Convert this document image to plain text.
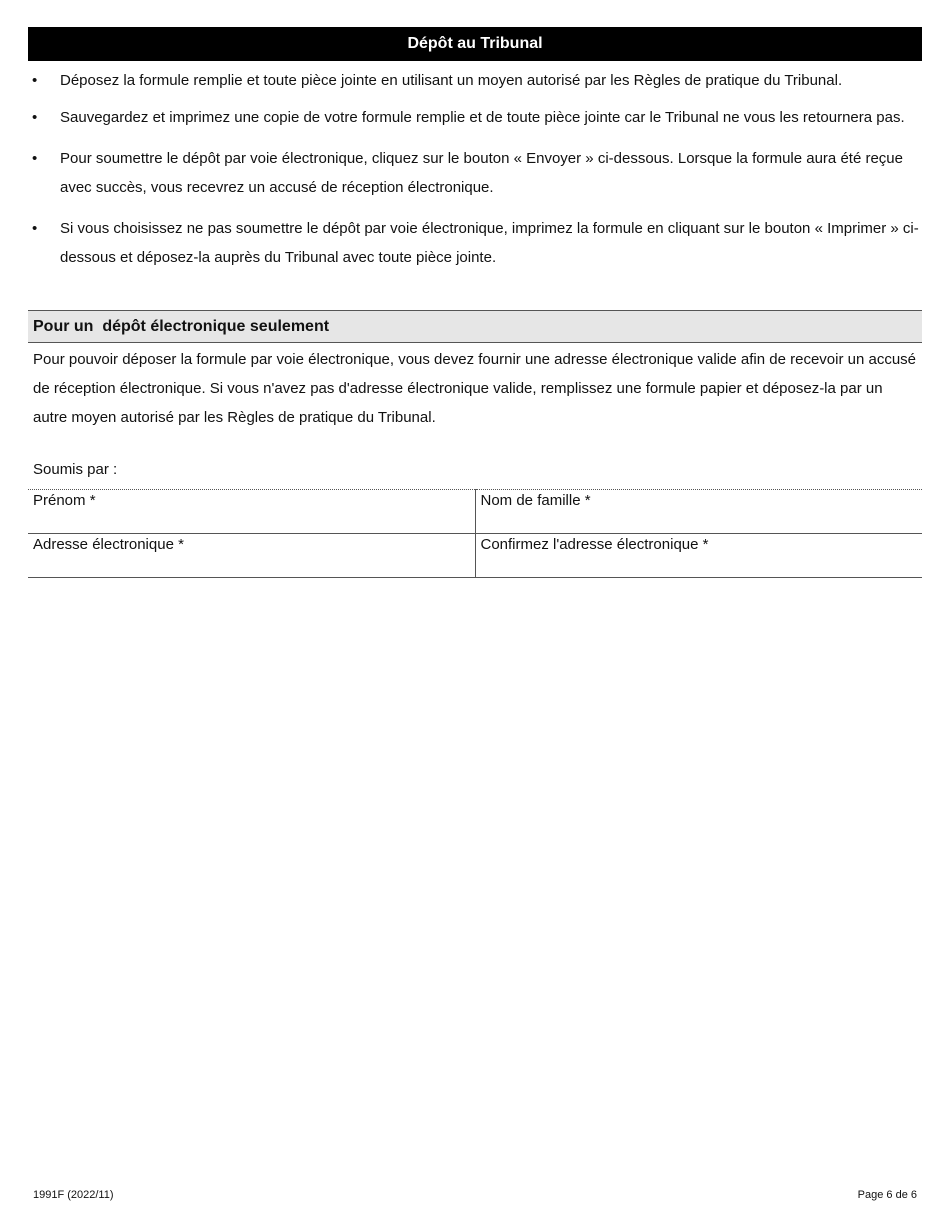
Dépôt au Tribunal
• Déposez la formule remplie et toute pièce jointe en utilisant un moyen autorisé par les Règles de pratique du Tribunal.
• Sauvegardez et imprimez une copie de votre formule remplie et de toute pièce jointe car le Tribunal ne vous les retournera pas.
• Pour soumettre le dépôt par voie électronique, cliquez sur le bouton « Envoyer » ci-dessous. Lorsque la formule aura été reçue avec succès, vous recevrez un accusé de réception électronique.
• Si vous choisissez ne pas soumettre le dépôt par voie électronique, imprimez la formule en cliquant sur le bouton « Imprimer » ci-dessous et déposez-la auprès du Tribunal avec toute pièce jointe.
Pour un  dépôt électronique seulement

Pour pouvoir déposer la formule par voie électronique, vous devez fournir une adresse électronique valide afin de recevoir un accusé de réception électronique. Si vous n'avez pas d'adresse électronique valide, remplissez une formule papier et déposez-la par un autre moyen autorisé par les Règles de pratique du Tribunal.

Soumis par :

Prénom *	Nom de famille *
Adresse électronique *	Confirmez l'adresse électronique *
1991F (2022/11)	Page 6 de 6
